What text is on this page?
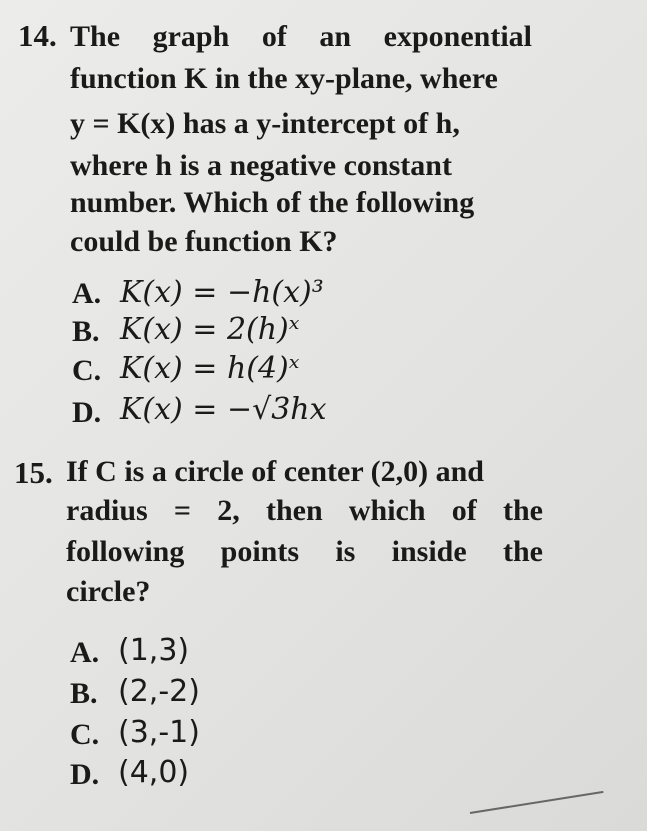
14. The graph of an exponential
function K in the xy-plane, where
y = K(x) has a y-intercept of h,
where h is a negative constant
number. Which of the following
could be function K?
A. K(x) = −h(x)³
B. K(x) = 2(h)ˣ
C. K(x) = h(4)ˣ
D. K(x) = −√3hx
15. If C is a circle of center (2,0) and
radius = 2, then which of the
following points is inside the
circle?
A. (1,3)
B. (2,-2)
C. (3,-1)
D. (4,0)
